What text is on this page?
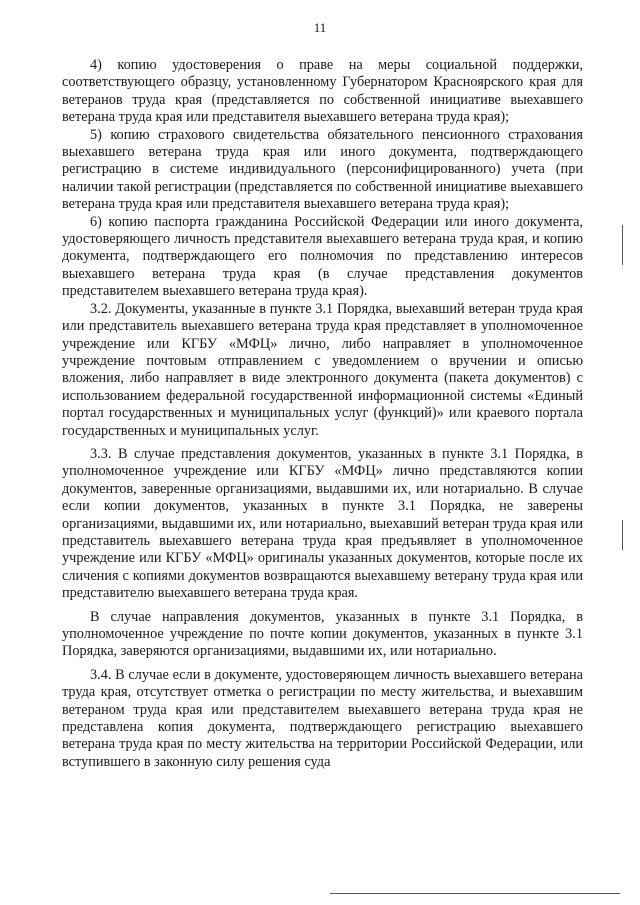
11

4) копию удостоверения о праве на меры социальной поддержки, соответствующего образцу, установленному Губернатором Красноярского края для ветеранов труда края (представляется по собственной инициативе выехавшего ветерана труда края или представителя выехавшего ветерана труда края);

5) копию страхового свидетельства обязательного пенсионного страхования выехавшего ветерана труда края или иного документа, подтверждающего регистрацию в системе индивидуального (персонифицированного) учета (при наличии такой регистрации (представляется по собственной инициативе выехавшего ветерана труда края или представителя выехавшего ветерана труда края);

6) копию паспорта гражданина Российской Федерации или иного документа, удостоверяющего личность представителя выехавшего ветерана труда края, и копию документа, подтверждающего его полномочия по представлению интересов выехавшего ветерана труда края (в случае представления документов представителем выехавшего ветерана труда края).

3.2. Документы, указанные в пункте 3.1 Порядка, выехавший ветеран труда края или представитель выехавшего ветерана труда края представляет в уполномоченное учреждение или КГБУ «МФЦ» лично, либо направляет в уполномоченное учреждение почтовым отправлением с уведомлением о вручении и описью вложения, либо направляет в виде электронного документа (пакета документов) с использованием федеральной государственной информационной системы «Единый портал государственных и муниципальных услуг (функций)» или краевого портала государственных и муниципальных услуг.

3.3. В случае представления документов, указанных в пункте 3.1 Порядка, в уполномоченное учреждение или КГБУ «МФЦ» лично представляются копии документов, заверенные организациями, выдавшими их, или нотариально. В случае если копии документов, указанных в пункте 3.1 Порядка, не заверены организациями, выдавшими их, или нотариально, выехавший ветеран труда края или представитель выехавшего ветерана труда края предъявляет в уполномоченное учреждение или КГБУ «МФЦ» оригиналы указанных документов, которые после их сличения с копиями документов возвращаются выехавшему ветерану труда края или представителю выехавшего ветерана труда края.

В случае направления документов, указанных в пункте 3.1 Порядка, в уполномоченное учреждение по почте копии документов, указанных в пункте 3.1 Порядка, заверяются организациями, выдавшими их, или нотариально.

3.4. В случае если в документе, удостоверяющем личность выехавшего ветерана труда края, отсутствует отметка о регистрации по месту жительства, и выехавшим ветераном труда края или представителем выехавшего ветерана труда края не представлена копия документа, подтверждающего регистрацию выехавшего ветерана труда края по месту жительства на территории Российской Федерации, или вступившего в законную силу решения суда
